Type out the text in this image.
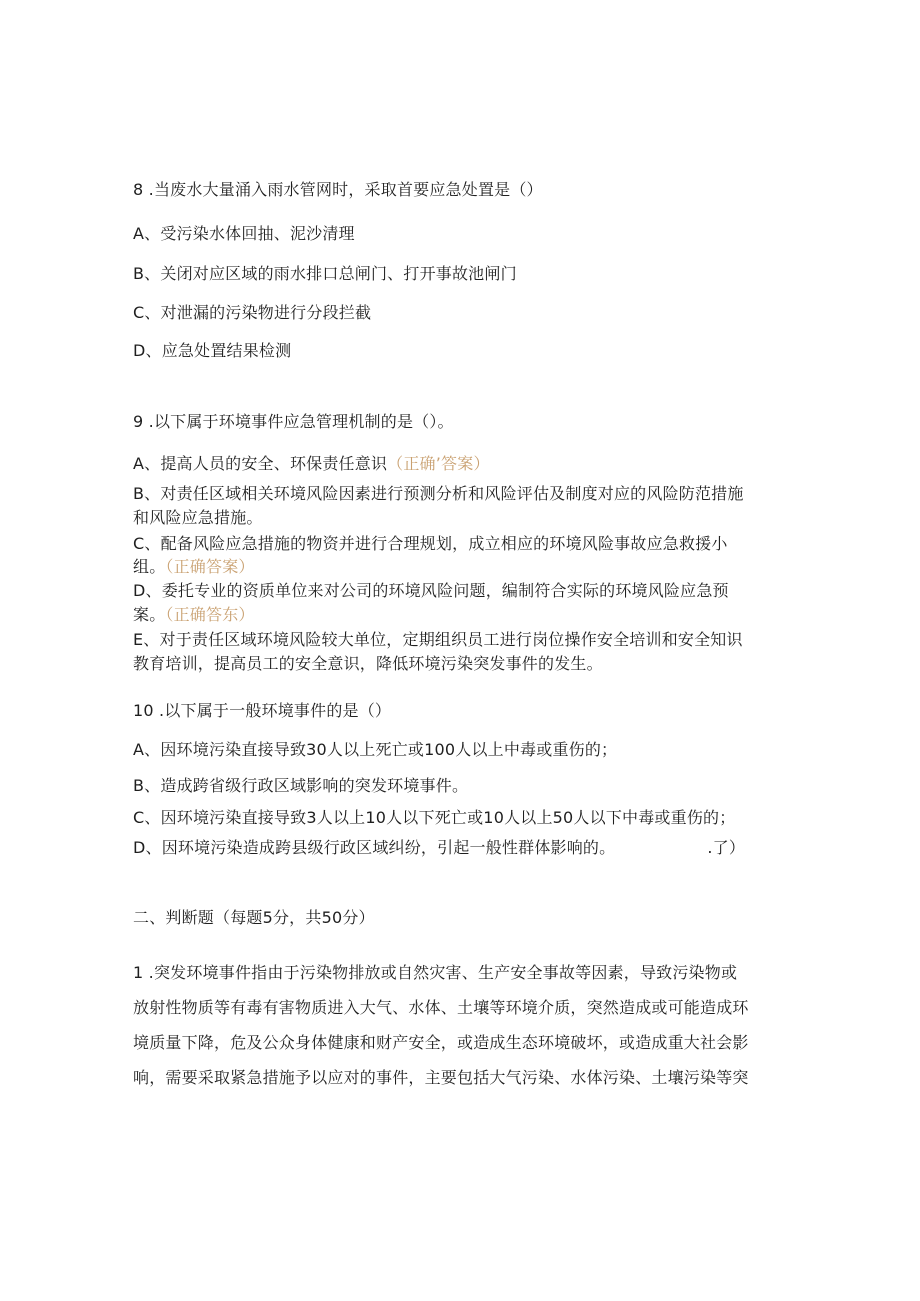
8 .当废水大量涌入雨水管网时，采取首要应急处置是（）
A、受污染水体回抽、泥沙清理
B、关闭对应区域的雨水排口总闸门、打开事故池闸门
C、对泄漏的污染物进行分段拦截
D、应急处置结果检测
9 .以下属于环境事件应急管理机制的是（）。
A、提高人员的安全、环保责任意识（正确’答案）
B、对责任区域相关环境风险因素进行预测分析和风险评估及制度对应的风险防范措施
和风险应急措施。
C、配备风险应急措施的物资并进行合理规划，成立相应的环境风险事故应急救援小
组。（正确答案）
D、委托专业的资质单位来对公司的环境风险问题，编制符合实际的环境风险应急预
案。（正确答东）
E、对于责任区域环境风险较大单位，定期组织员工进行岗位操作安全培训和安全知识
教育培训，提高员工的安全意识，降低环境污染突发事件的发生。
10 .以下属于一般环境事件的是（）
A、因环境污染直接导致30人以上死亡或100人以上中毒或重伤的；
B、造成跨省级行政区域影响的突发环境事件。
C、因环境污染直接导致3人以上10人以下死亡或10人以上50人以下中毒或重伤的；
D、因环境污染造成跨县级行政区域纠纷，引起一般性群体影响的。	.了）
二、判断题（每题5分，共50分）
1 .突发环境事件指由于污染物排放或自然灾害、生产安全事故等因素，导致污染物或
放射性物质等有毒有害物质进入大气、水体、土壤等环境介质，突然造成或可能造成环
境质量下降，危及公众身体健康和财产安全，或造成生态环境破坏，或造成重大社会影
响，需要采取紧急措施予以应对的事件，主要包括大气污染、水体污染、土壤污染等突
